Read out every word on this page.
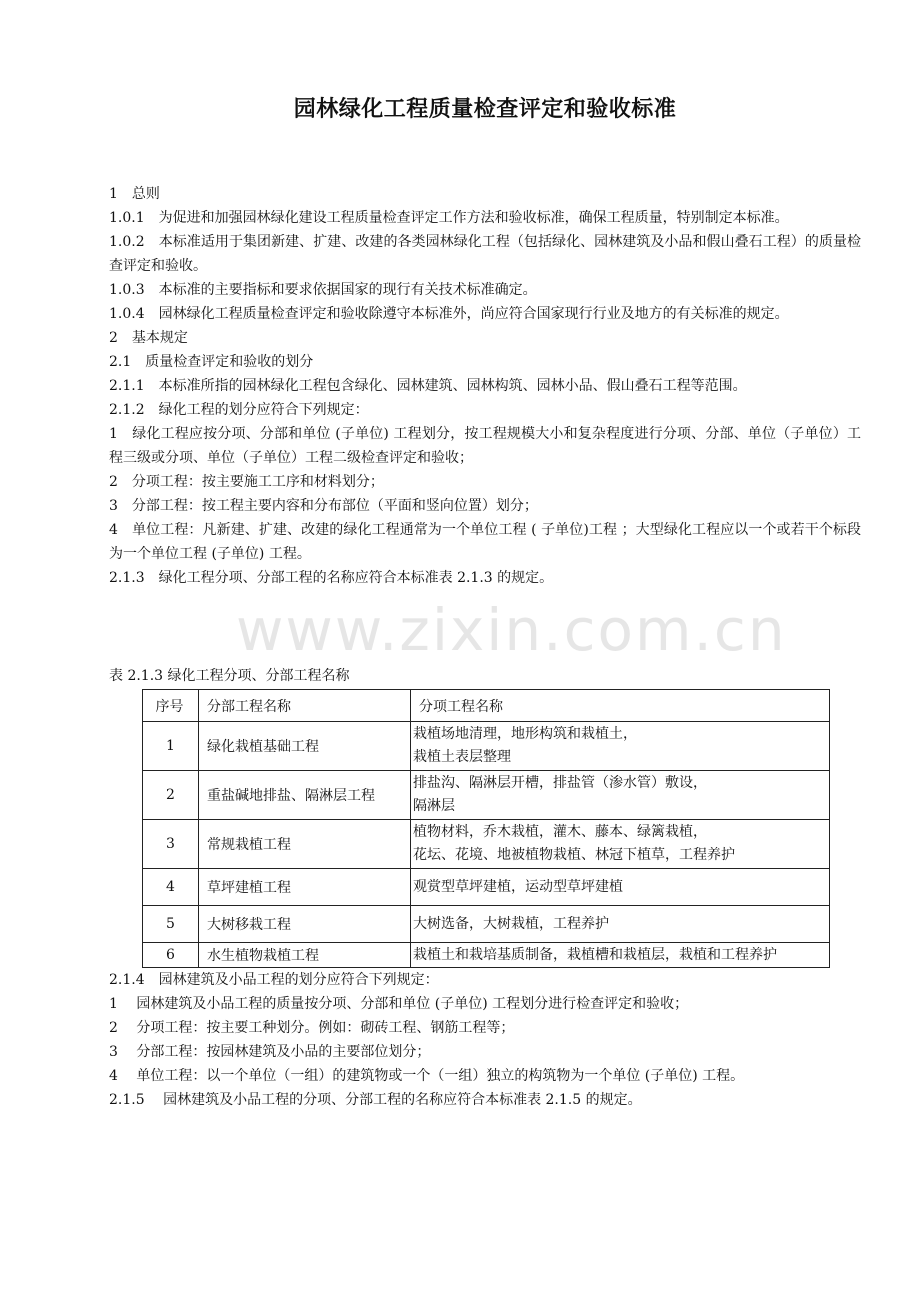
www.zixin.com.cn
园林绿化工程质量检查评定和验收标准

1　总则

1.0.1　为促进和加强园林绿化建设工程质量检查评定工作方法和验收标准，确保工程质量，特别制定本标准。

1.0.2　本标准适用于集团新建、扩建、改建的各类园林绿化工程（包括绿化、园林建筑及小品和假山叠石工程）的质量检查评定和验收。

1.0.3　本标准的主要指标和要求依据国家的现行有关技术标准确定。

1.0.4　园林绿化工程质量检查评定和验收除遵守本标准外，尚应符合国家现行行业及地方的有关标准的规定。

2　基本规定

2.1　质量检查评定和验收的划分

2.1.1　本标准所指的园林绿化工程包含绿化、园林建筑、园林构筑、园林小品、假山叠石工程等范围。

2.1.2　绿化工程的划分应符合下列规定：

1　绿化工程应按分项、分部和单位 (子单位) 工程划分，按工程规模大小和复杂程度进行分项、分部、单位（子单位）工程三级或分项、单位（子单位）工程二级检查评定和验收；

2　分项工程：按主要施工工序和材料划分；

3　分部工程：按工程主要内容和分布部位（平面和竖向位置）划分；

4　单位工程：凡新建、扩建、改建的绿化工程通常为一个单位工程 ( 子单位)工程 ；大型绿化工程应以一个或若干个标段为一个单位工程 (子单位) 工程。

2.1.3　绿化工程分项、分部工程的名称应符合本标准表 2.1.3 的规定。

表 2.1.3 绿化工程分项、分部工程名称
序号	分部工程名称	分项工程名称
1	绿化栽植基础工程	栽植场地清理，地形构筑和栽植土，
栽植土表层整理

2	重盐碱地排盐、隔淋层工程	排盐沟、隔淋层开槽，排盐管（渗水管）敷设，
隔淋层

3	常规栽植工程	植物材料，乔木栽植，灌木、藤本、绿篱栽植，
花坛、花境、地被植物栽植、林冠下植草，工程养护

4	草坪建植工程	观赏型草坪建植，运动型草坪建植

5	大树移栽工程	大树选备，大树栽植，工程养护

6	水生植物栽植工程	栽植土和栽培基质制备，栽植槽和栽植层，栽植和工程养护

2.1.4　园林建筑及小品工程的划分应符合下列规定：

1　 园林建筑及小品工程的质量按分项、分部和单位 (子单位) 工程划分进行检查评定和验收；

2　 分项工程：按主要工种划分。例如：砌砖工程、钢筋工程等；

3　 分部工程：按园林建筑及小品的主要部位划分；

4　 单位工程：以一个单位（一组）的建筑物或一个（一组）独立的构筑物为一个单位 (子单位) 工程。

2.1.5　 园林建筑及小品工程的分项、分部工程的名称应符合本标准表 2.1.5 的规定。
